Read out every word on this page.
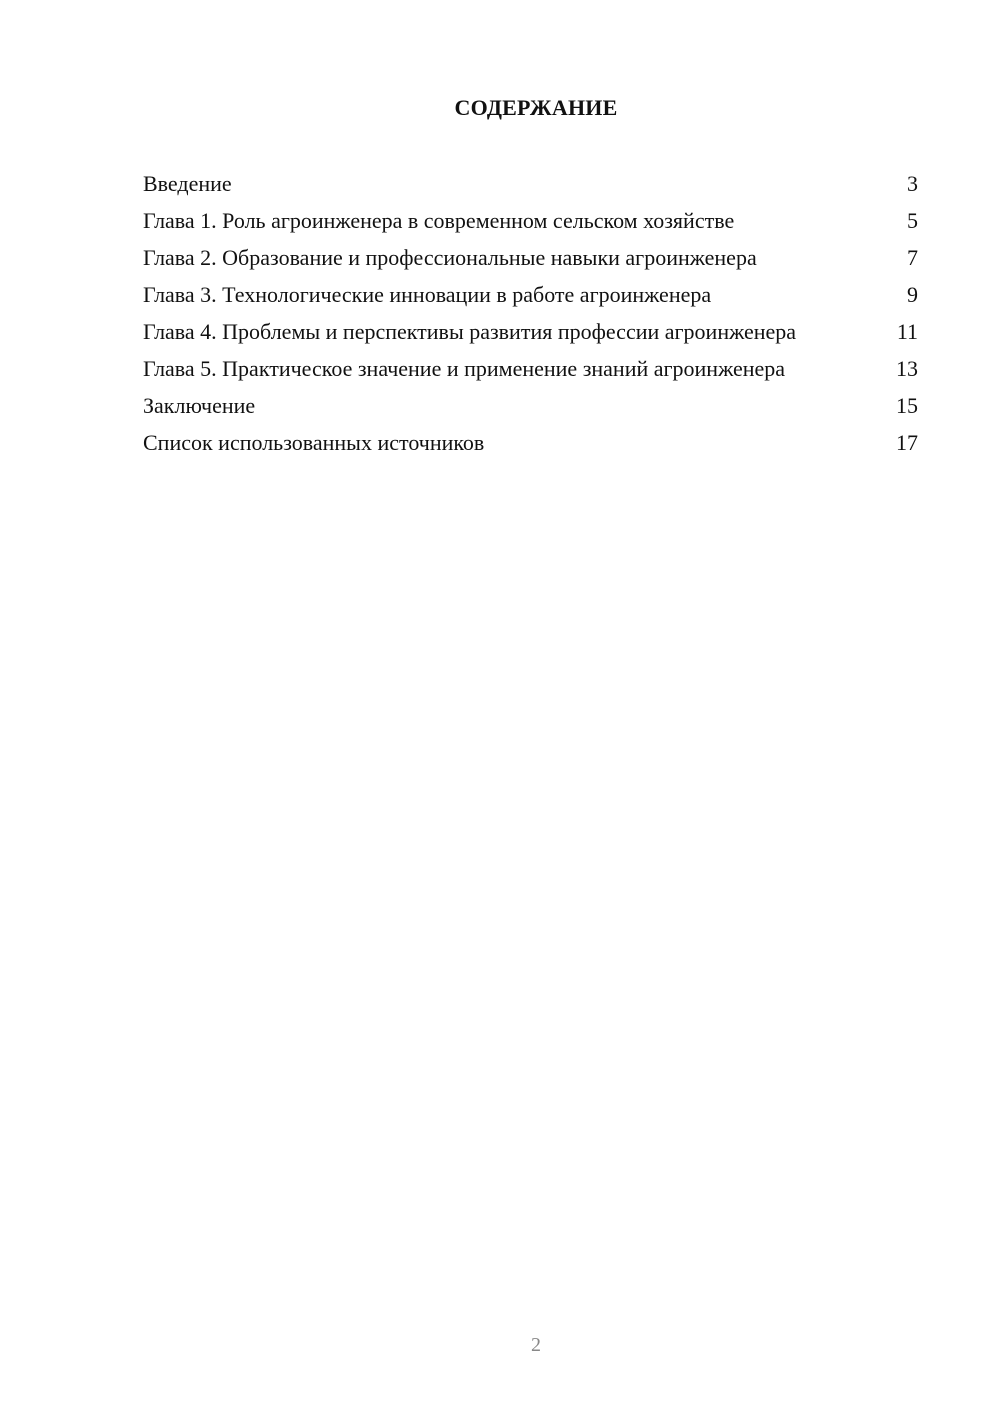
СОДЕРЖАНИЕ
Введение	3
Глава 1. Роль агроинженера в современном сельском хозяйстве	5
Глава 2. Образование и профессиональные навыки агроинженера	7
Глава 3. Технологические инновации в работе агроинженера	9
Глава 4. Проблемы и перспективы развития профессии агроинженера	11
Глава 5. Практическое значение и применение знаний агроинженера	13
Заключение	15
Список использованных источников	17
2
